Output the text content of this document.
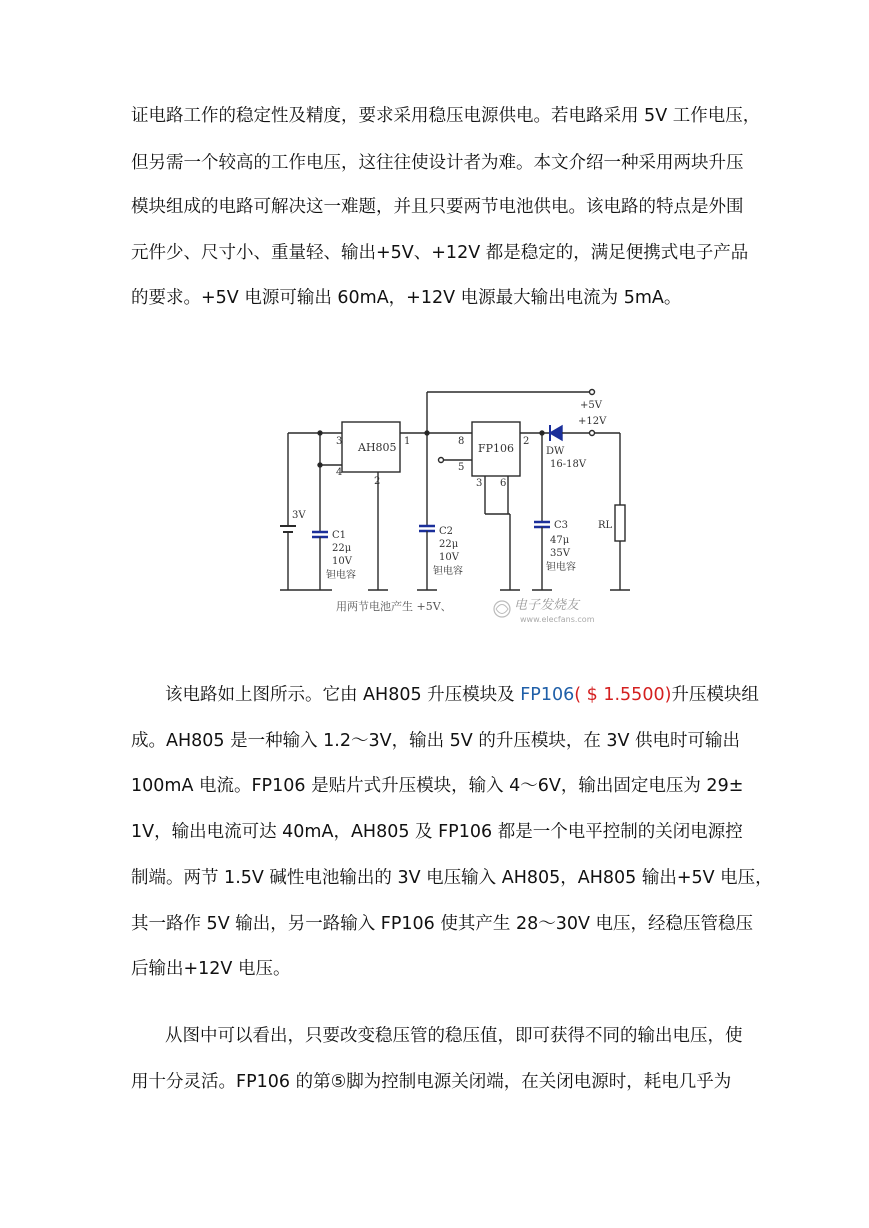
证电路工作的稳定性及精度，要求采用稳压电源供电。若电路采用 5V 工作电压，
但另需一个较高的工作电压，这往往使设计者为难。本文介绍一种采用两块升压
模块组成的电路可解决这一难题，并且只要两节电池供电。该电路的特点是外围
元件少、尺寸小、重量轻、输出+5V、+12V 都是稳定的，满足便携式电子产品
的要求。+5V 电源可输出 60mA，+12V 电源最大输出电流为 5mA。
AH805	FP106
3	1
4
2
8	2
5
3 6
3V
C1
22μ
10V
钽电容
C2
22μ
10V
钽电容
C3
47μ
35V
钽电容
DW
16-18V
+5V
+12V
RL
用两节电池产生 +5V、	电子发烧友
www.elecfans.com
该电路如上图所示。它由 AH805 升压模块及 FP106( $ 1.5500)升压模块组
成。AH805 是一种输入 1.2～3V，输出 5V 的升压模块，在 3V 供电时可输出
100mA 电流。FP106 是贴片式升压模块，输入 4～6V，输出固定电压为 29±
1V，输出电流可达 40mA，AH805 及 FP106 都是一个电平控制的关闭电源控
制端。两节 1.5V 碱性电池输出的 3V 电压输入 AH805，AH805 输出+5V 电压，
其一路作 5V 输出，另一路输入 FP106 使其产生 28～30V 电压，经稳压管稳压
后输出+12V 电压。
从图中可以看出，只要改变稳压管的稳压值，即可获得不同的输出电压，使
用十分灵活。FP106 的第⑤脚为控制电源关闭端，在关闭电源时，耗电几乎为
